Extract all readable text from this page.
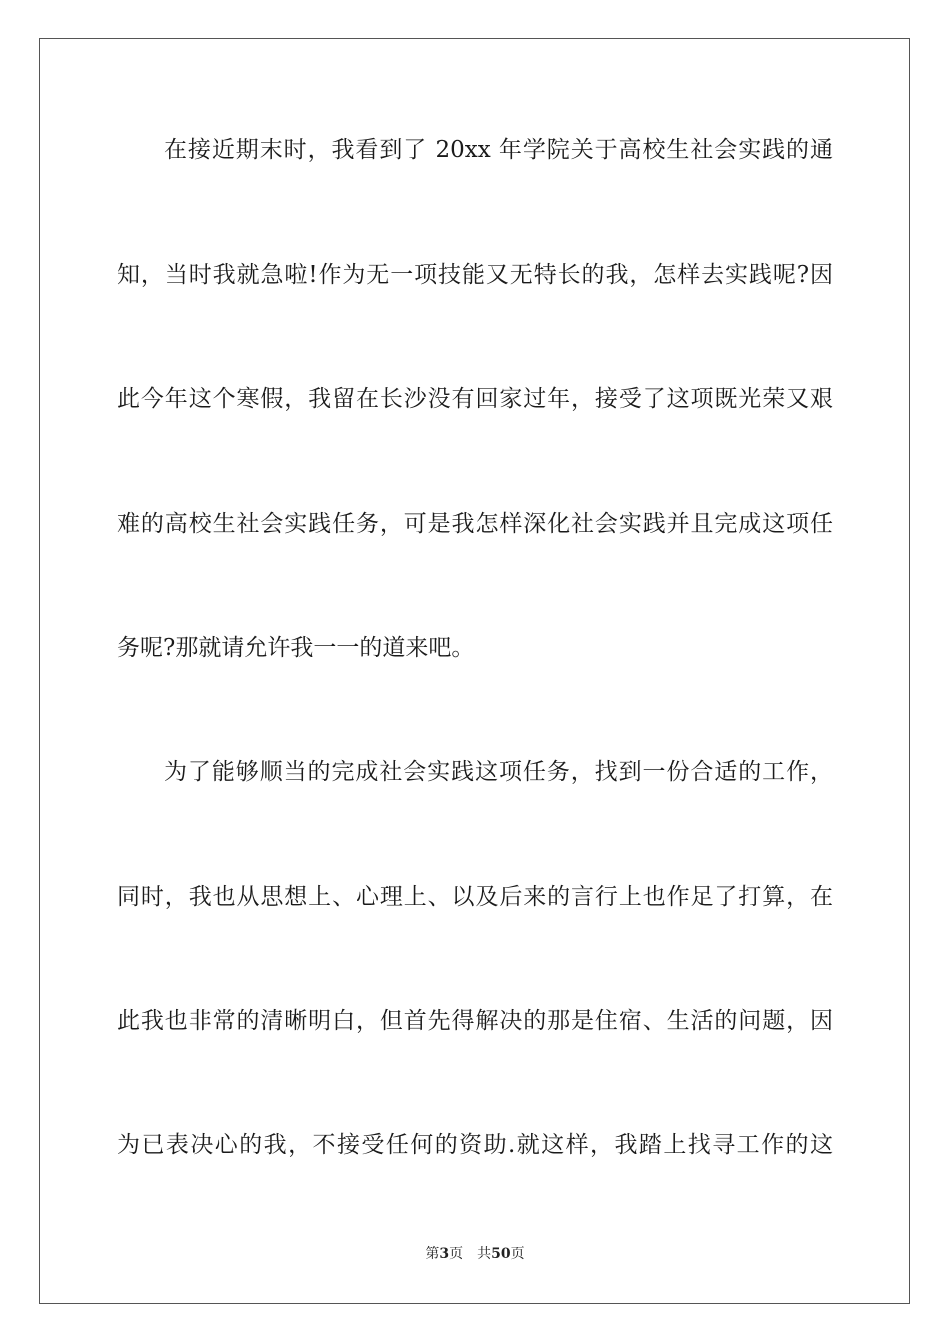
在接近期末时，我看到了 20xx 年学院关于高校生社会实践的通

知，当时我就急啦!作为无一项技能又无特长的我，怎样去实践呢?因

此今年这个寒假，我留在长沙没有回家过年，接受了这项既光荣又艰

难的高校生社会实践任务，可是我怎样深化社会实践并且完成这项任

务呢?那就请允许我一一的道来吧。

为了能够顺当的完成社会实践这项任务，找到一份合适的工作，

同时，我也从思想上、心理上、以及后来的言行上也作足了打算，在

此我也非常的清晰明白，但首先得解决的那是住宿、生活的问题，因

为已表决心的我，不接受任何的资助.就这样，我踏上找寻工作的这

第3页 共50页
